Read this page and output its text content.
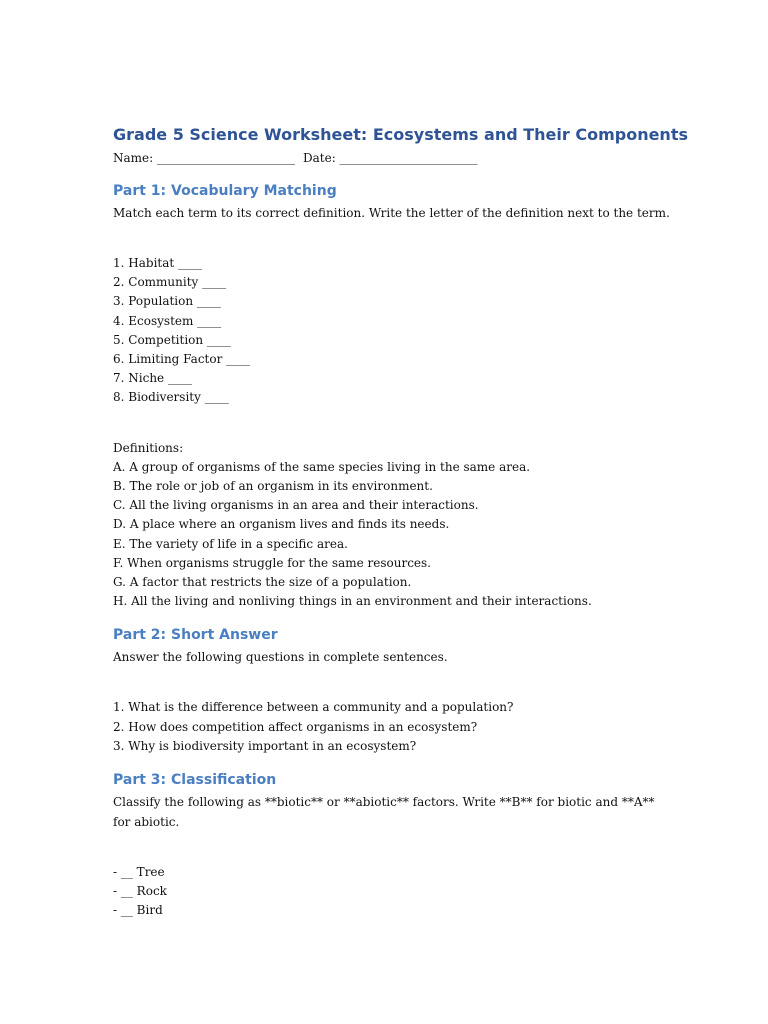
Grade 5 Science Worksheet: Ecosystems and Their Components
Name: _______________________ Date: _______________________
Part 1: Vocabulary Matching

Match each term to its correct definition. Write the letter of the definition next to the term.

1. Habitat ____

2. Community ____

3. Population ____

4. Ecosystem ____

5. Competition ____

6. Limiting Factor ____

7. Niche ____

8. Biodiversity ____

Definitions:

A. A group of organisms of the same species living in the same area.

B. The role or job of an organism in its environment.

C. All the living organisms in an area and their interactions.

D. A place where an organism lives and finds its needs.

E. The variety of life in a specific area.

F. When organisms struggle for the same resources.

G. A factor that restricts the size of a population.

H. All the living and nonliving things in an environment and their interactions.

Part 2: Short Answer

Answer the following questions in complete sentences.

1. What is the difference between a community and a population?

2. How does competition affect organisms in an ecosystem?

3. Why is biodiversity important in an ecosystem?

Part 3: Classification

Classify the following as **biotic** or **abiotic** factors. Write **B** for biotic and **A** for abiotic.

- __ Tree

- __ Rock

- __ Bird
